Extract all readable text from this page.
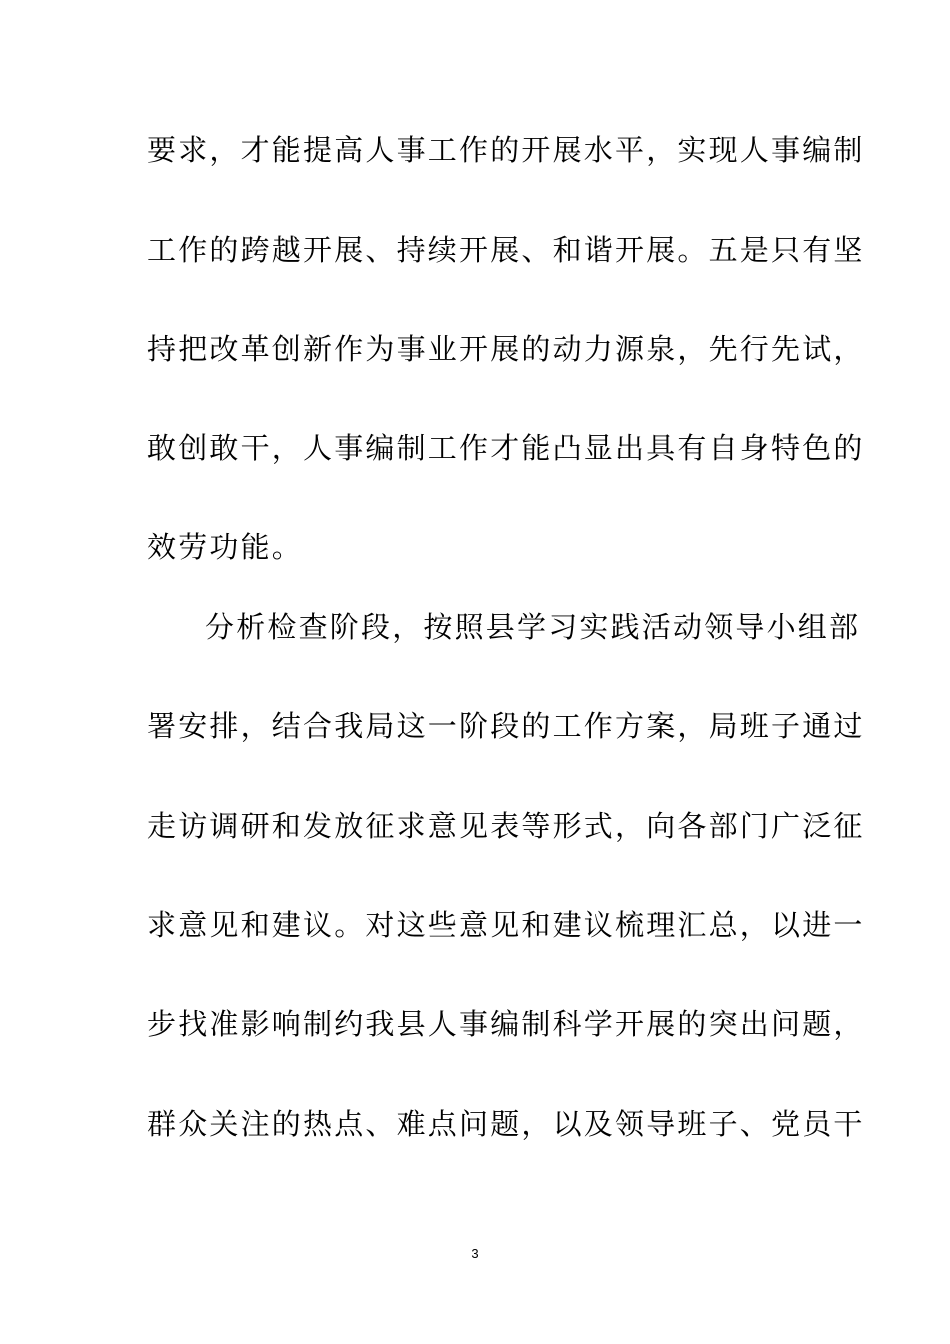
要求，才能提高人事工作的开展水平，实现人事编制
工作的跨越开展、持续开展、和谐开展。五是只有坚
持把改革创新作为事业开展的动力源泉，先行先试，
敢创敢干，人事编制工作才能凸显出具有自身特色的
效劳功能。
分析检查阶段，按照县学习实践活动领导小组部
署安排，结合我局这一阶段的工作方案，局班子通过
走访调研和发放征求意见表等形式，向各部门广泛征
求意见和建议。对这些意见和建议梳理汇总，以进一
步找准影响制约我县人事编制科学开展的突出问题，
群众关注的热点、难点问题，以及领导班子、党员干
3
